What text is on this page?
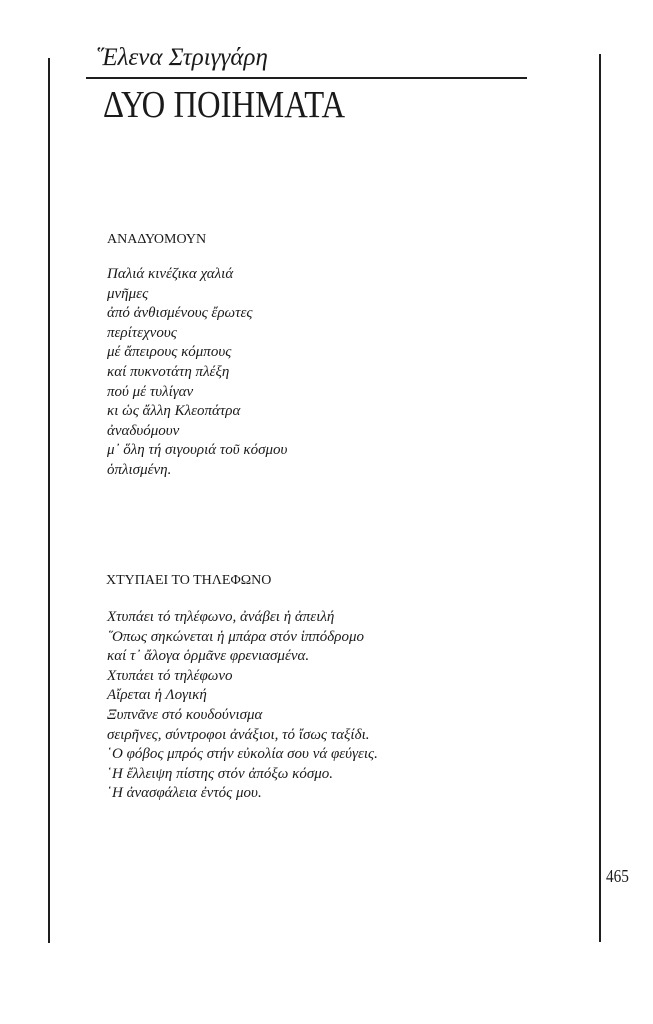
῞Ελενα Στριγγάρη
ΔΥΟ ΠΟΙΗΜΑΤΑ
ΑΝΑΔΥΟΜΟΥΝ
Παλιά κινέζικα χαλιά
μνῆμες
ἀπό ἀνθισμένους ἔρωτες
περίτεχνους
μέ ἄπειρους κόμπους
καί πυκνοτάτη πλέξη
πού μέ τυλίγαν
κι ὡς ἄλλη Κλεοπάτρα
ἀναδυόμουν
μ᾽ ὅλη τή σιγουριά τοῦ κόσμου
ὁπλισμένη.
ΧΤΥΠΑΕΙ ΤΟ ΤΗΛΕΦΩΝΟ
Χτυπάει τό τηλέφωνο, ἀνάβει ἡ ἀπειλή
῞Οπως σηκώνεται ἡ μπάρα στόν ἱππόδρομο
καί τ᾽ ἄλογα ὁρμᾶνε φρενιασμένα.
Χτυπάει τό τηλέφωνο
Αἴρεται ἡ Λογική
Ξυπνᾶνε στό κουδούνισμα
σειρῆνες, σύντροφοι ἀνάξιοι, τό ἴσως ταξίδι.
῾Ο φόβος μπρός στήν εὐκολία σου νά φεύγεις.
῾Η ἔλλειψη πίστης στόν ἀπόξω κόσμο.
῾Η ἀνασφάλεια ἐντός μου.
465
